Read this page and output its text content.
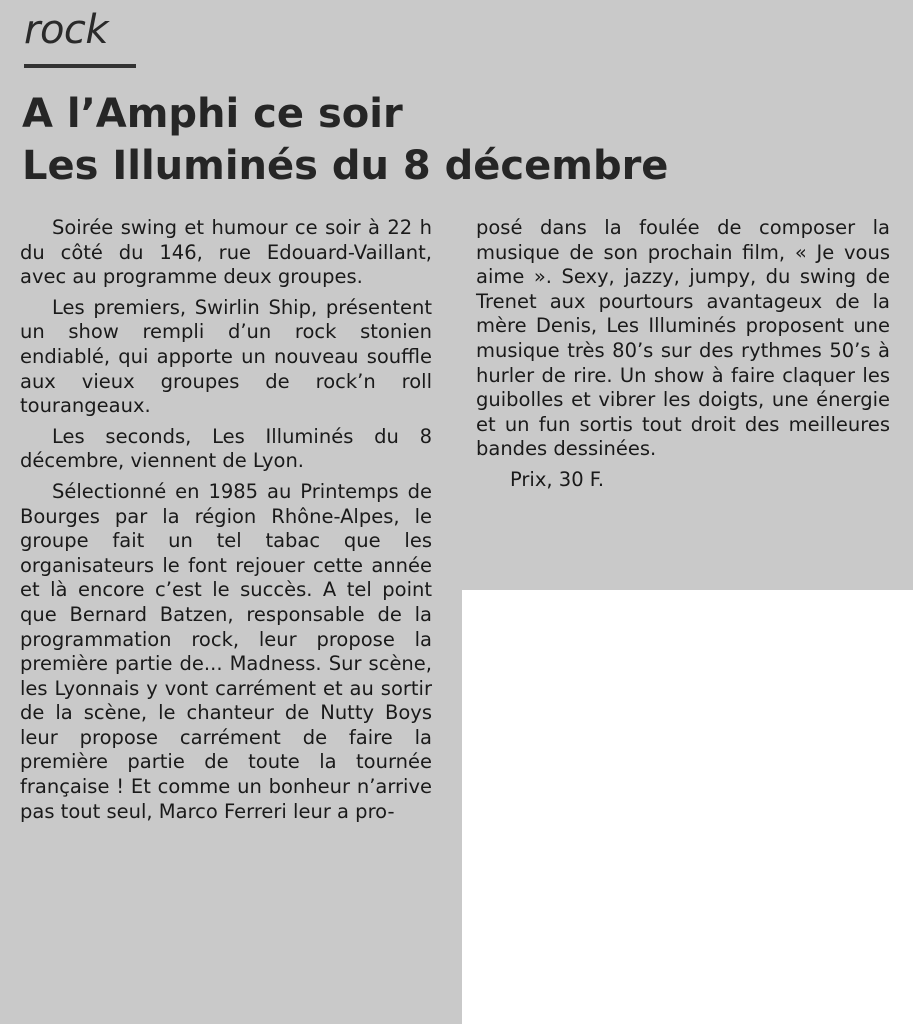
rock
A l’Amphi ce soir
Les Illuminés du 8 décembre

Soirée swing et humour ce soir à 22 h du côté du 146, rue Edouard-Vaillant, avec au programme deux groupes.

Les premiers, Swirlin Ship, présentent un show rempli d’un rock stonien endiablé, qui apporte un nouveau souffle aux vieux groupes de rock’n roll tourangeaux.

Les seconds, Les Illuminés du 8 décembre, viennent de Lyon.

Sélectionné en 1985 au Printemps de Bourges par la région Rhône-Alpes, le groupe fait un tel tabac que les organisateurs le font rejouer cette année et là encore c’est le succès. A tel point que Bernard Batzen, responsable de la programmation rock, leur propose la première partie de... Madness. Sur scène, les Lyonnais y vont carrément et au sortir de la scène, le chanteur de Nutty Boys leur propose carrément de faire la première partie de toute la tournée française ! Et comme un bonheur n’arrive pas tout seul, Marco Ferreri leur a pro-

posé dans la foulée de composer la musique de son prochain film, « Je vous aime ». Sexy, jazzy, jumpy, du swing de Trenet aux pourtours avantageux de la mère Denis, Les Illuminés proposent une musique très 80’s sur des rythmes 50’s à hurler de rire. Un show à faire claquer les guibolles et vibrer les doigts, une énergie et un fun sortis tout droit des meilleures bandes dessinées.

Prix, 30 F.
